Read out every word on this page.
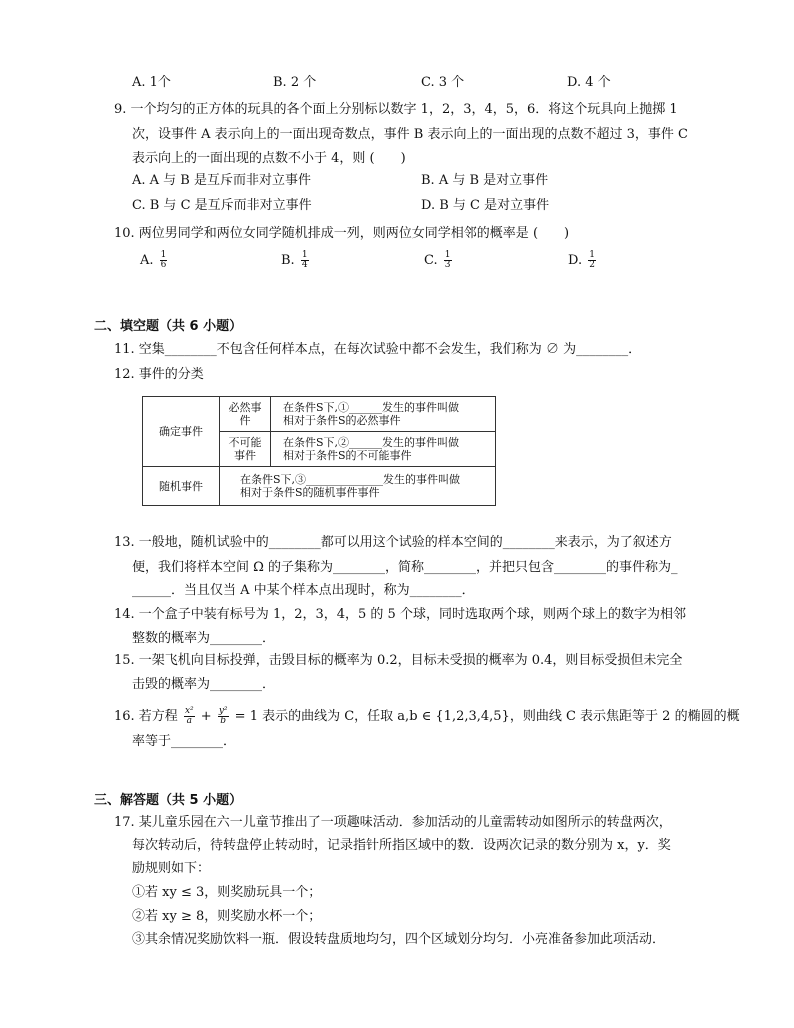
A. 1个	B. 2 个	C. 3 个	D. 4 个
9. 一个均匀的正方体的玩具的各个面上分别标以数字 1，2，3，4，5，6．将这个玩具向上抛掷 1
次，设事件 A 表示向上的一面出现奇数点，事件 B 表示向上的一面出现的点数不超过 3，事件 C
表示向上的一面出现的点数不小于 4，则 (　　)
A. A 与 B 是互斥而非对立事件	B. A 与 B 是对立事件
C. B 与 C 是互斥而非对立事件	D. B 与 C 是对立事件
10. 两位男同学和两位女同学随机排成一列，则两位女同学相邻的概率是 (　　)
A. $\frac{1}{6}$	B. $\frac{1}{4}$	C. $\frac{1}{3}$	D. $\frac{1}{2}$
二、填空题（共 6 小题）
11. 空集________不包含任何样本点，在每次试验中都不会发生，我们称为 ∅ 为________．
12. 事件的分类
确定事件	必然事件	在条件S下,①______发生的事件叫做
相对于条件S的必然事件

	不可能事件	在条件S下,②______发生的事件叫做
相对于条件S的不可能事件

随机事件	在条件S下,③______________发生的事件叫做
相对于条件S的随机事件事件	
13. 一般地，随机试验中的________都可以用这个试验的样本空间的________来表示，为了叙述方
便，我们将样本空间 Ω 的子集称为________，简称________，并把只包含________的事件称为_
______．当且仅当 A 中某个样本点出现时，称为________．
14. 一个盒子中装有标号为 1，2，3，4，5 的 5 个球，同时选取两个球，则两个球上的数字为相邻
整数的概率为________．
15. 一架飞机向目标投弹，击毁目标的概率为 0.2，目标未受损的概率为 0.4，则目标受损但未完全
击毁的概率为________．
16. 若方程 $\frac{\text{x²}}{a} + \frac{\text{y²}}{b} = 1$ 表示的曲线为 C，任取 a,b ∈ {1,2,3,4,5}，则曲线 C 表示焦距等于 2 的椭圆的概
率等于________．
三、解答题（共 5 小题）
17. 某儿童乐园在六一儿童节推出了一项趣味活动．参加活动的儿童需转动如图所示的转盘两次，
每次转动后，待转盘停止转动时，记录指针所指区域中的数．设两次记录的数分别为 x，y．奖
励规则如下：
①若 xy ≤ 3，则奖励玩具一个；
②若 xy ≥ 8，则奖励水杯一个；
③其余情况奖励饮料一瓶．假设转盘质地均匀，四个区域划分均匀．小亮准备参加此项活动．
